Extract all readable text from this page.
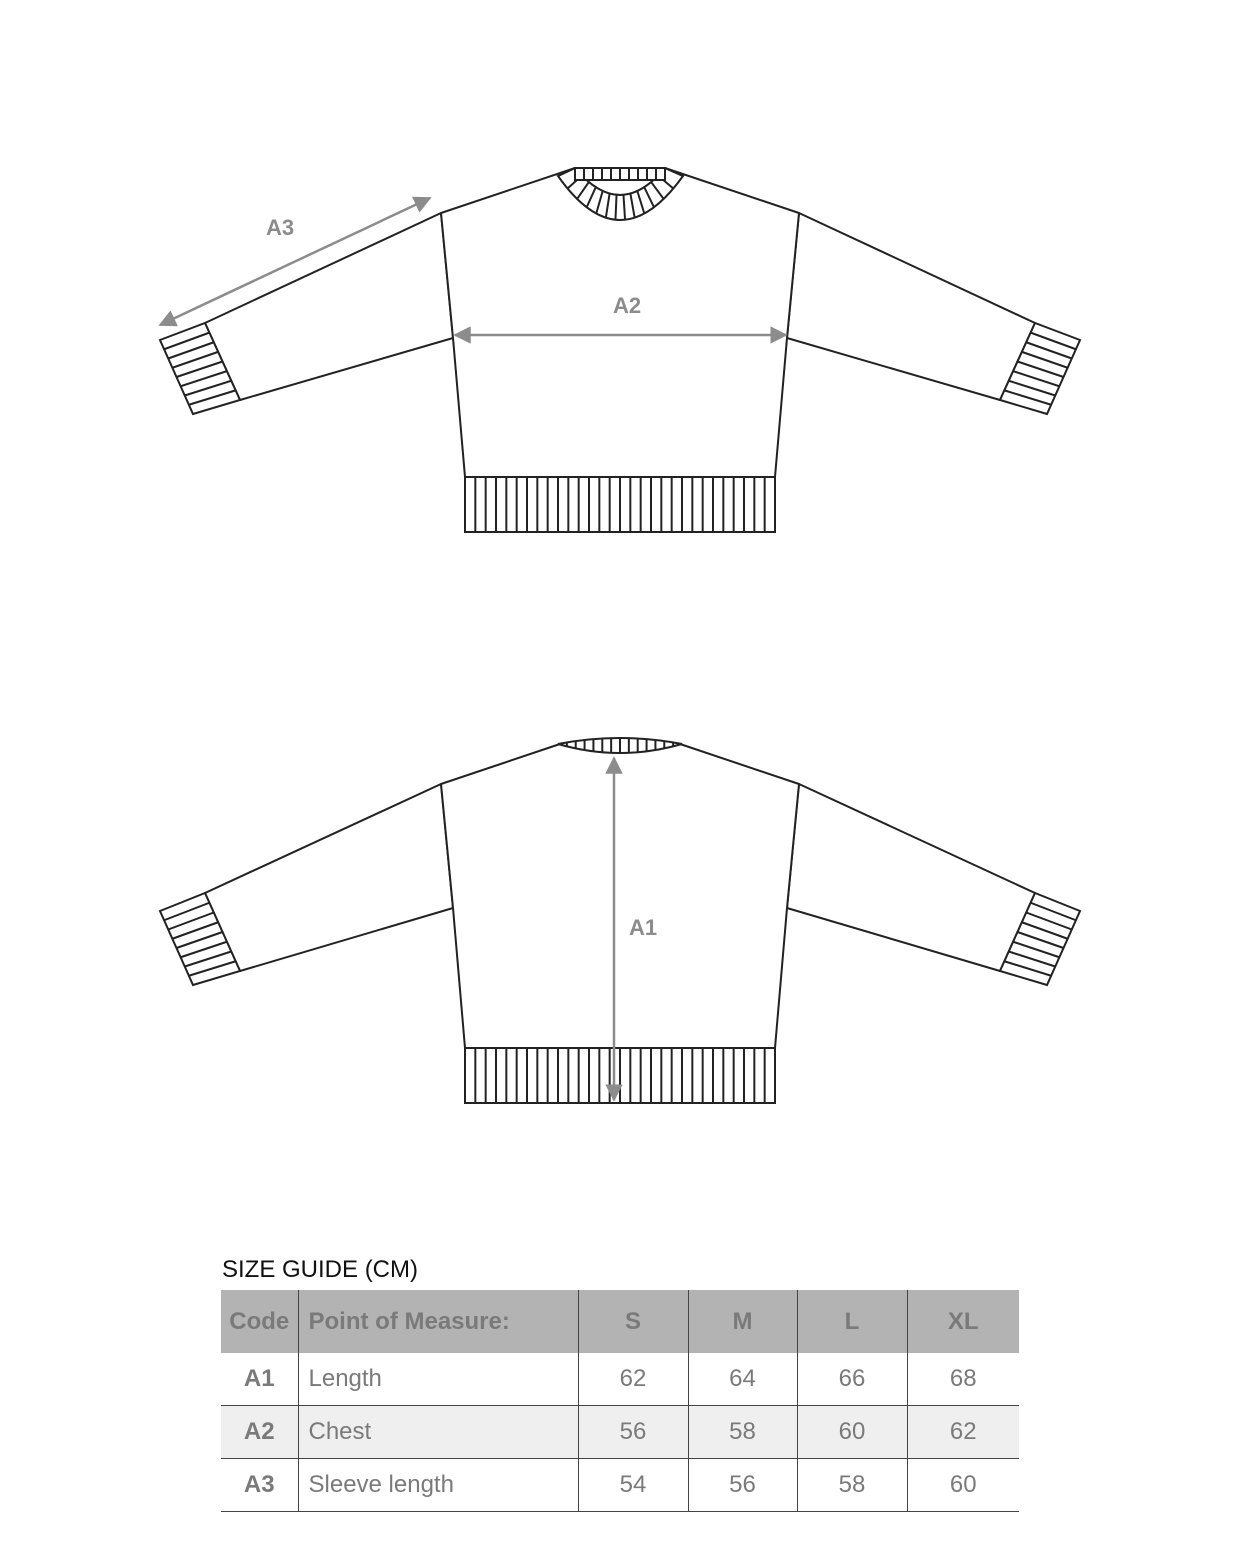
A3
A2
A1
SIZE GUIDE (CM)
Code	Point of Measure:	S	M	L	XL
A1	Length	62	64	66	68
A2	Chest	56	58	60	62
A3	Sleeve length	54	56	58	60
